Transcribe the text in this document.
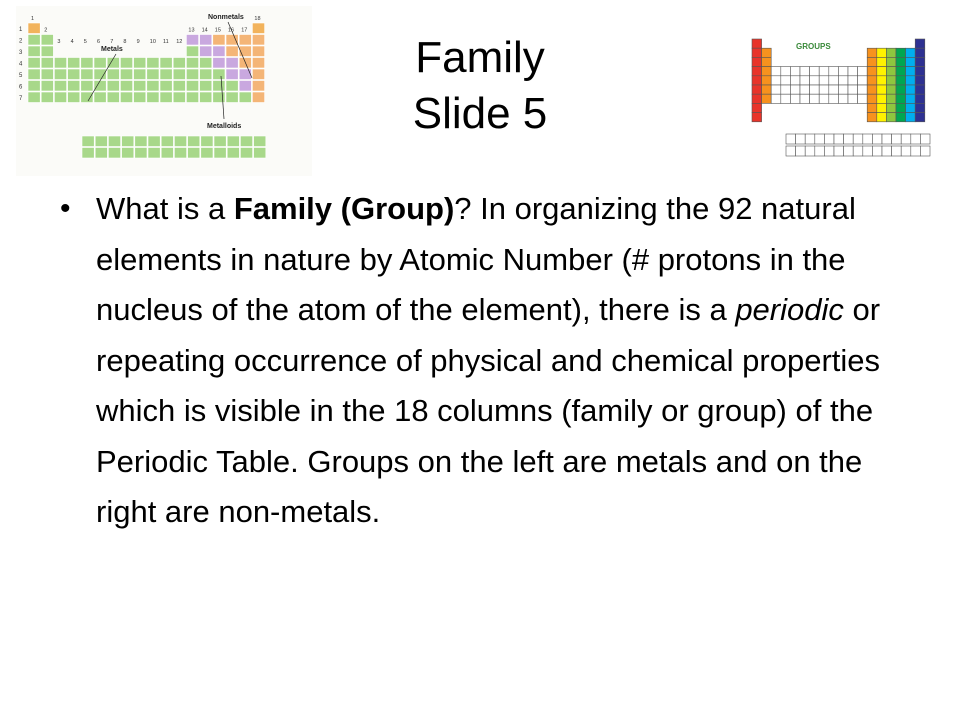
1
2
3
4
5
6
7
1
2
3 4 5 6 7 8 9 10 11 12
13 14 15 16 17
18
Metals
Nonmetals
Metalloids
Family
Slide 5
GROUPS
• What is a Family (Group)? In organizing the 92 natural elements in nature by Atomic Number (# protons in the nucleus of the atom of the element), there is a periodic or repeating occurrence of physical and chemical properties which is visible in the 18 columns (family or group) of the Periodic Table. Groups on the left are metals and on the right are non-metals.
